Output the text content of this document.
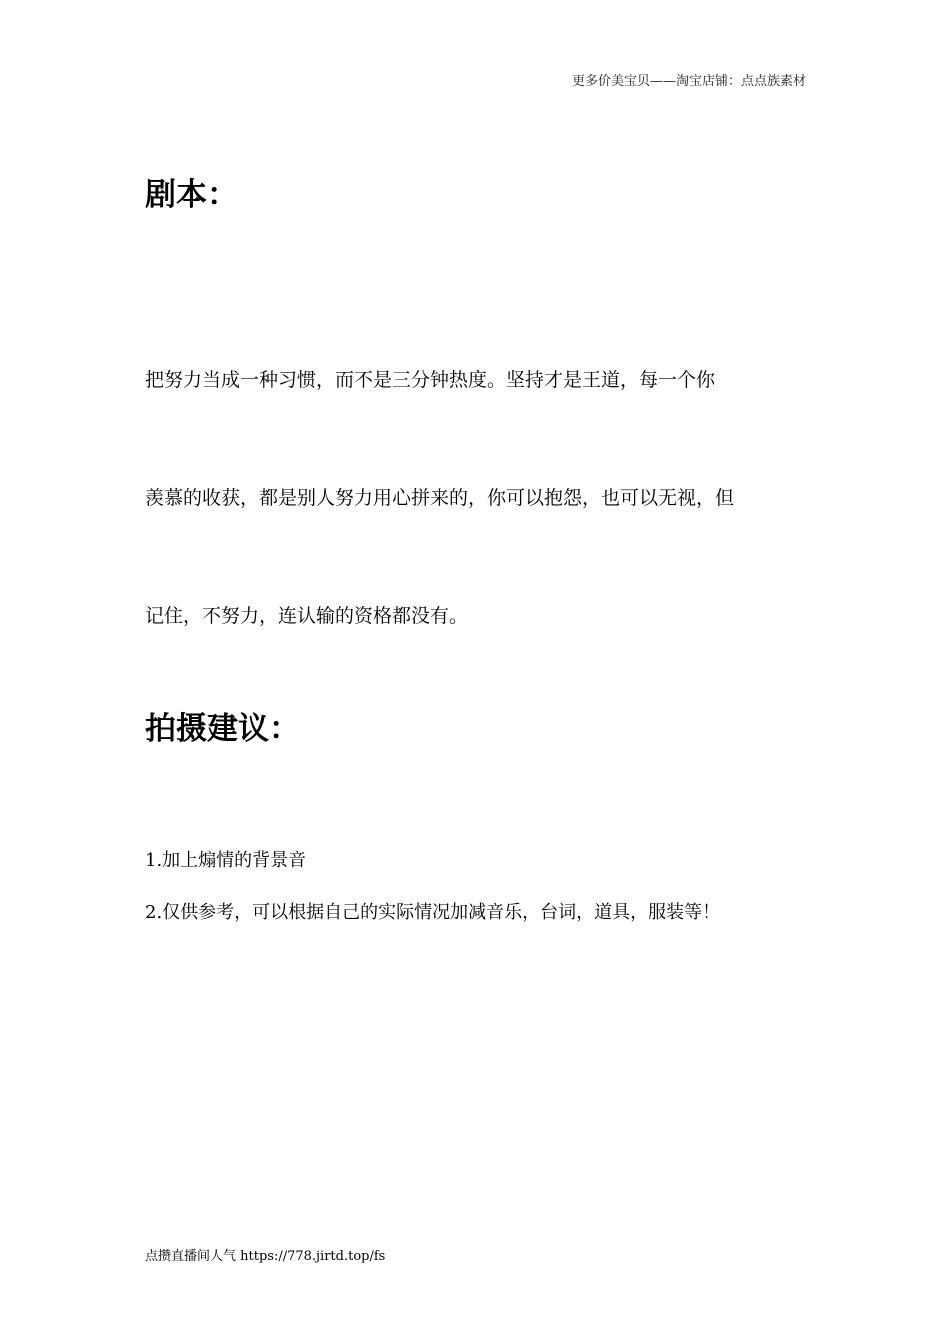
更多价美宝贝——淘宝店铺：点点族素材
剧本：
把努力当成一种习惯，而不是三分钟热度。坚持才是王道，每一个你
羡慕的收获，都是别人努力用心拼来的，你可以抱怨，也可以无视，但
记住，不努力，连认输的资格都没有。
拍摄建议：
1.加上煽情的背景音
2.仅供参考，可以根据自己的实际情况加减音乐，台词，道具，服装等！
点攒直播间人气 https://778.jirtd.top/fs
